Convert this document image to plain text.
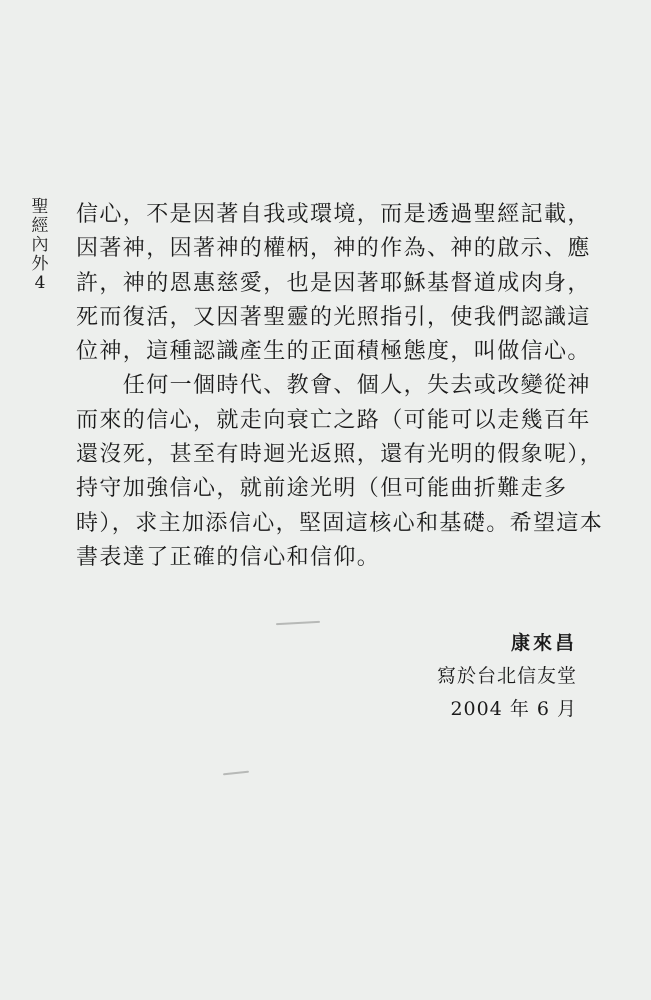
聖
經
內
外
4
信心，不是因著自我或環境，而是透過聖經記載，
因著神，因著神的權柄，神的作為、神的啟示、應
許，神的恩惠慈愛，也是因著耶穌基督道成肉身，
死而復活，又因著聖靈的光照指引，使我們認識這
位神，這種認識產生的正面積極態度，叫做信心。
　　任何一個時代、教會、個人，失去或改變從神
而來的信心，就走向衰亡之路（可能可以走幾百年
還沒死，甚至有時迴光返照，還有光明的假象呢），
持守加強信心，就前途光明（但可能曲折難走多
時），求主加添信心，堅固這核心和基礎。希望這本
書表達了正確的信心和信仰。
康來昌
寫於台北信友堂
2004 年 6 月
